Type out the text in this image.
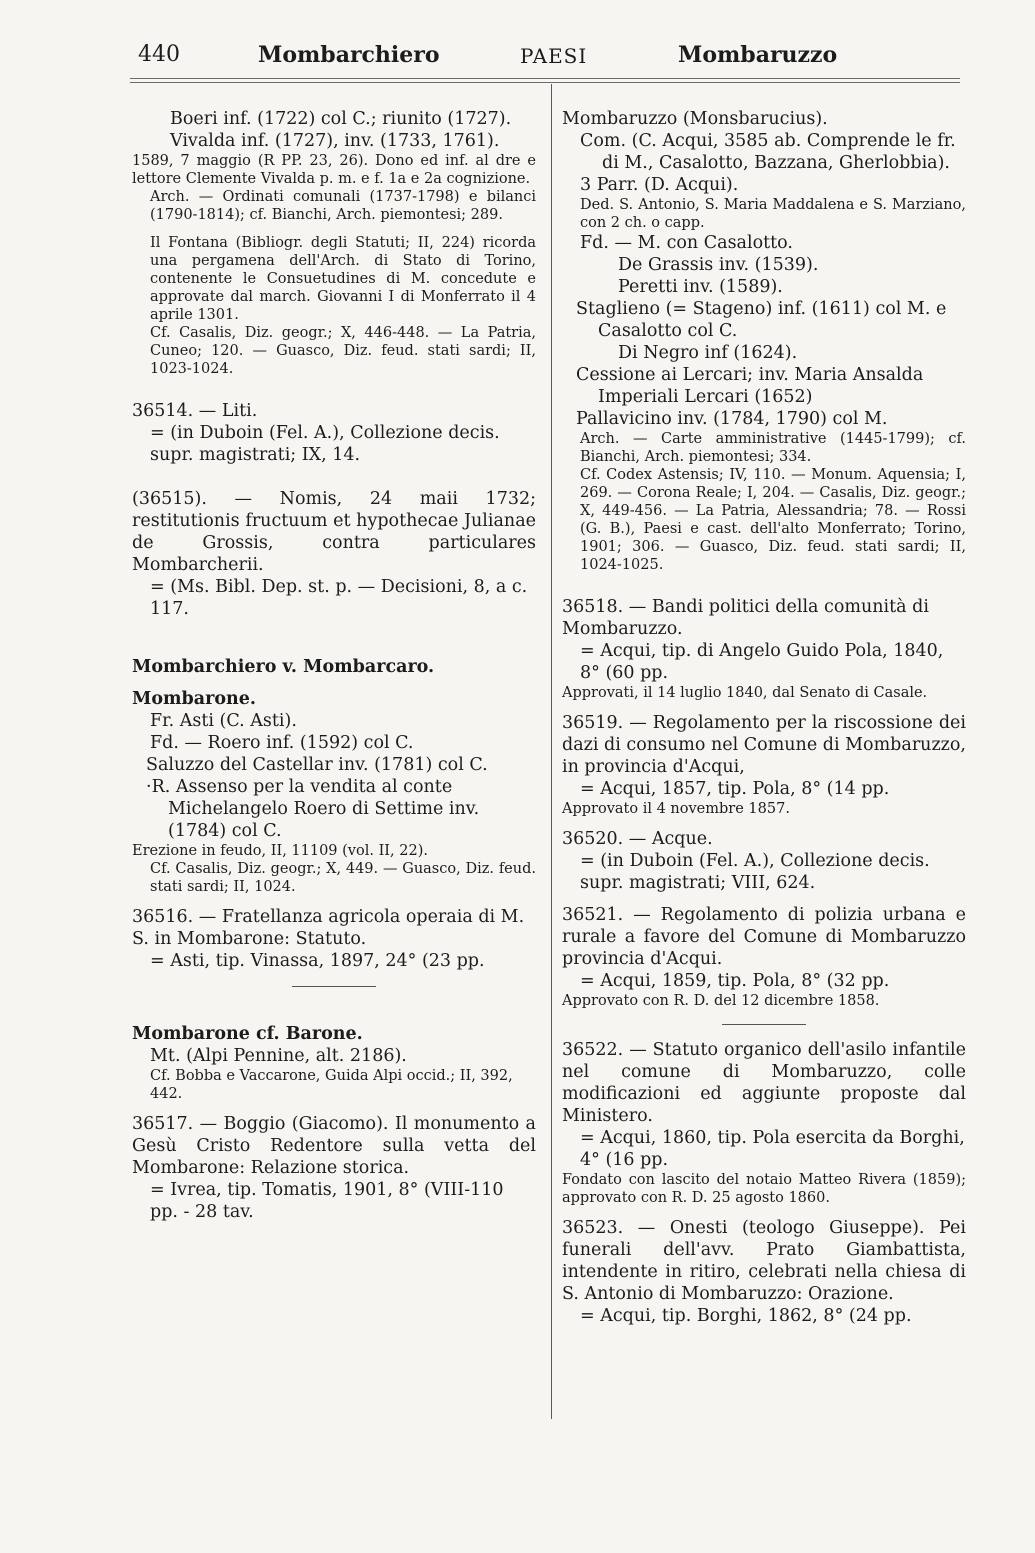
440	Mombarchiero	PAESI	Mombaruzzo

Boeri inf. (1722) col C.; riunito (1727).

Vivalda inf. (1727), inv. (1733, 1761).

1589, 7 maggio (R PP. 23, 26). Dono ed inf. al dre e lettore Clemente Vivalda p. m. e f. 1a e 2a cognizione.

Arch. — Ordinati comunali (1737-1798) e bilanci (1790-1814); cf. Bianchi, Arch. piemontesi; 289.

Il Fontana (Bibliogr. degli Statuti; II, 224) ricorda una pergamena dell'Arch. di Stato di Torino, contenente le Consuetudines di M. concedute e approvate dal march. Giovanni I di Monferrato il 4 aprile 1301.

Cf. Casalis, Diz. geogr.; X, 446-448. — La Patria, Cuneo; 120. — Guasco, Diz. feud. stati sardi; II, 1023-1024.

36514. — Liti.

= (in Duboin (Fel. A.), Collezione decis. supr. magistrati; IX, 14.

(36515). — Nomis, 24 maii 1732; restitutionis fructuum et hypothecae Julianae de Grossis, contra particulares Mombarcherii.

= (Ms. Bibl. Dep. st. p. — Decisioni, 8, a c. 117.

Mombarchiero v. Mombarcaro.

Mombarone.

Fr. Asti (C. Asti).

Fd. — Roero inf. (1592) col C.

Saluzzo del Castellar inv. (1781) col C.

·R. Assenso per la vendita al conte Michelangelo Roero di Settime inv. (1784) col C.

Erezione in feudo, II, 11109 (vol. II, 22).

Cf. Casalis, Diz. geogr.; X, 449. — Guasco, Diz. feud. stati sardi; II, 1024.

36516. — Fratellanza agricola operaia di M. S. in Mombarone: Statuto.

= Asti, tip. Vinassa, 1897, 24° (23 pp.

Mombarone cf. Barone.

Mt. (Alpi Pennine, alt. 2186).

Cf. Bobba e Vaccarone, Guida Alpi occid.; II, 392, 442.

36517. — Boggio (Giacomo). Il monumento a Gesù Cristo Redentore sulla vetta del Mombarone: Relazione storica.

= Ivrea, tip. Tomatis, 1901, 8° (VIII-110 pp. - 28 tav.

Mombaruzzo (Monsbarucius).

Com. (C. Acqui, 3585 ab. Comprende le fr. di M., Casalotto, Bazzana, Gherlobbia).

3 Parr. (D. Acqui).

Ded. S. Antonio, S. Maria Maddalena e S. Marziano, con 2 ch. o capp.

Fd. — M. con Casalotto.

De Grassis inv. (1539).

Peretti inv. (1589).

Staglieno (= Stageno) inf. (1611) col M. e Casalotto col C.

Di Negro inf (1624).

Cessione ai Lercari; inv. Maria Ansalda Imperiali Lercari (1652)

Pallavicino inv. (1784, 1790) col M.

Arch. — Carte amministrative (1445-1799); cf. Bianchi, Arch. piemontesi; 334.

Cf. Codex Astensis; IV, 110. — Monum. Aquensia; I, 269. — Corona Reale; I, 204. — Casalis, Diz. geogr.; X, 449-456. — La Patria, Alessandria; 78. — Rossi (G. B.), Paesi e cast. dell'alto Monferrato; Torino, 1901; 306. — Guasco, Diz. feud. stati sardi; II, 1024-1025.

36518. — Bandi politici della comunità di Mombaruzzo.

= Acqui, tip. di Angelo Guido Pola, 1840, 8° (60 pp.

Approvati, il 14 luglio 1840, dal Senato di Casale.

36519. — Regolamento per la riscossione dei dazi di consumo nel Comune di Mombaruzzo, in provincia d'Acqui,

= Acqui, 1857, tip. Pola, 8° (14 pp.

Approvato il 4 novembre 1857.

36520. — Acque.

= (in Duboin (Fel. A.), Collezione decis. supr. magistrati; VIII, 624.

36521. — Regolamento di polizia urbana e rurale a favore del Comune di Mombaruzzo provincia d'Acqui.

= Acqui, 1859, tip. Pola, 8° (32 pp.

Approvato con R. D. del 12 dicembre 1858.

36522. — Statuto organico dell'asilo infantile nel comune di Mombaruzzo, colle modificazioni ed aggiunte proposte dal Ministero.

= Acqui, 1860, tip. Pola esercita da Borghi, 4° (16 pp.

Fondato con lascito del notaio Matteo Rivera (1859); approvato con R. D. 25 agosto 1860.

36523. — Onesti (teologo Giuseppe). Pei funerali dell'avv. Prato Giambattista, intendente in ritiro, celebrati nella chiesa di S. Antonio di Mombaruzzo: Orazione.

= Acqui, tip. Borghi, 1862, 8° (24 pp.
